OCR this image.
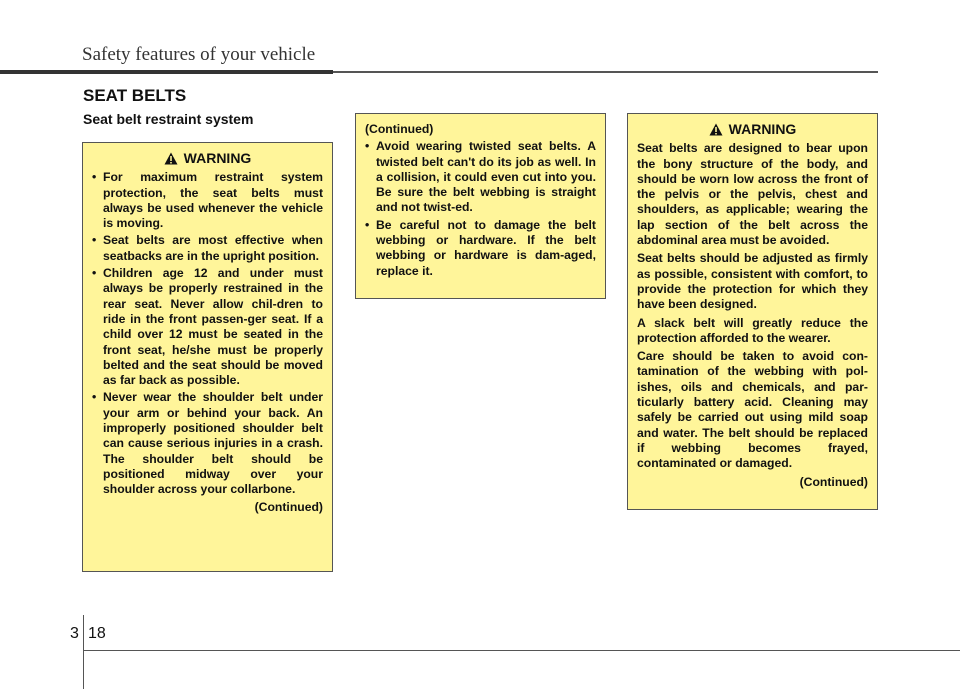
Safety features of your vehicle
SEAT BELTS
Seat belt restraint system
WARNING
• For maximum restraint system protection, the seat belts must always be used whenever the vehicle is moving.
• Seat belts are most effective when seatbacks are in the upright position.
• Children age 12 and under must always be properly restrained in the rear seat. Never allow chil-dren to ride in the front passen-ger seat. If a child over 12 must be seated in the front seat, he/she must be properly belted and the seat should be moved as far back as possible.
• Never wear the shoulder belt under your arm or behind your back. An improperly positioned shoulder belt can cause serious injuries in a crash. The shoulder belt should be positioned midway over your shoulder across your collarbone.
(Continued)
(Continued)
• Avoid wearing twisted seat belts. A twisted belt can't do its job as well. In a collision, it could even cut into you. Be sure the belt webbing is straight and not twist-ed.
• Be careful not to damage the belt webbing or hardware. If the belt webbing or hardware is dam-aged, replace it.
WARNING

Seat belts are designed to bear upon the bony structure of the body, and should be worn low across the front of the pelvis or the pelvis, chest and shoulders, as applicable; wearing the lap section of the belt across the abdominal area must be avoided.

Seat belts should be adjusted as firmly as possible, consistent with comfort, to provide the protection for which they have been designed.

A slack belt will greatly reduce the protection afforded to the wearer.

Care should be taken to avoid con-tamination of the webbing with pol-ishes, oils and chemicals, and par-ticularly battery acid. Cleaning may safely be carried out using mild soap and water. The belt should be replaced if webbing becomes frayed, contaminated or damaged.

(Continued)
3 18
